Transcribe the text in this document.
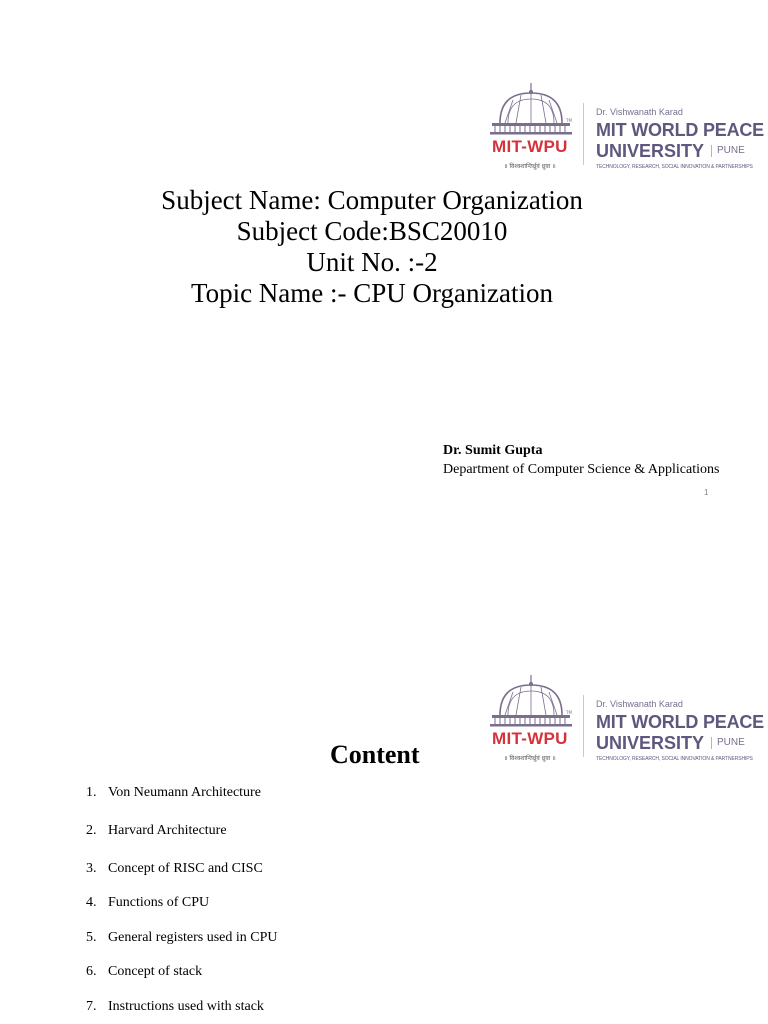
TM
MIT-WPU
॥ विश्वशान्तिर्ध्रुवं ध्रुवा ॥
Dr. Vishwanath Karad
MIT WORLD PEACE
UNIVERSITY	PUNE
TECHNOLOGY, RESEARCH, SOCIAL INNOVATION & PARTNERSHIPS
Subject Name: Computer Organization
Subject Code:BSC20010
Unit No. :-2
Topic Name :- CPU Organization
Dr. Sumit Gupta
Department of Computer Science & Applications
1
TM
MIT-WPU
॥ विश्वशान्तिर्ध्रुवं ध्रुवा ॥
Dr. Vishwanath Karad
MIT WORLD PEACE
UNIVERSITY	PUNE
TECHNOLOGY, RESEARCH, SOCIAL INNOVATION & PARTNERSHIPS
Content
1. Von Neumann Architecture
2. Harvard Architecture
3. Concept of RISC and CISC
4. Functions of CPU
5. General registers used in CPU
6. Concept of stack
7. Instructions used with stack
